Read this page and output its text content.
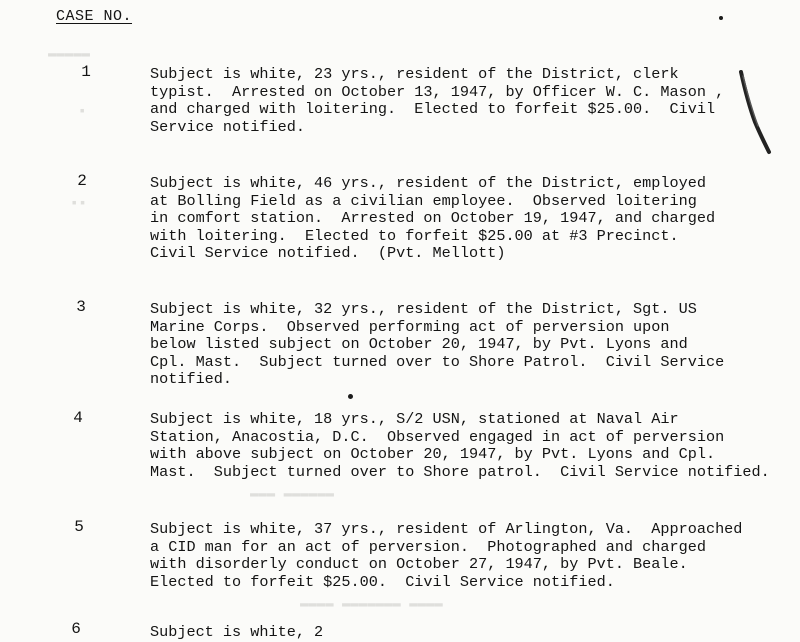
▬▬▬▬▬
▪
▪▪
▬▬▬ ▬▬▬▬▬▬
▬▬▬▬ ▬▬▬▬▬▬▬ ▬▬▬▬
CASE NO.
1	Subject is white, 23 yrs., resident of the District, clerk
typist.  Arrested on October 13, 1947, by Officer W. C. Mason ,
and charged with loitering.  Elected to forfeit $25.00.  Civil
Service notified.
2	Subject is white, 46 yrs., resident of the District, employed
at Bolling Field as a civilian employee.  Observed loitering
in comfort station.  Arrested on October 19, 1947, and charged
with loitering.  Elected to forfeit $25.00 at #3 Precinct.
Civil Service notified.  (Pvt. Mellott)
3	Subject is white, 32 yrs., resident of the District, Sgt. US
Marine Corps.  Observed performing act of perversion upon
below listed subject on October 20, 1947, by Pvt. Lyons and
Cpl. Mast.  Subject turned over to Shore Patrol.  Civil Service
notified.
4	Subject is white, 18 yrs., S/2 USN, stationed at Naval Air
Station, Anacostia, D.C.  Observed engaged in act of perversion
with above subject on October 20, 1947, by Pvt. Lyons and Cpl.
Mast.  Subject turned over to Shore patrol.  Civil Service notified.
5	Subject is white, 37 yrs., resident of Arlington, Va.  Approached
a CID man for an act of perversion.  Photographed and charged
with disorderly conduct on October 27, 1947, by Pvt. Beale.
Elected to forfeit $25.00.  Civil Service notified.
6	Subject is white, 2
